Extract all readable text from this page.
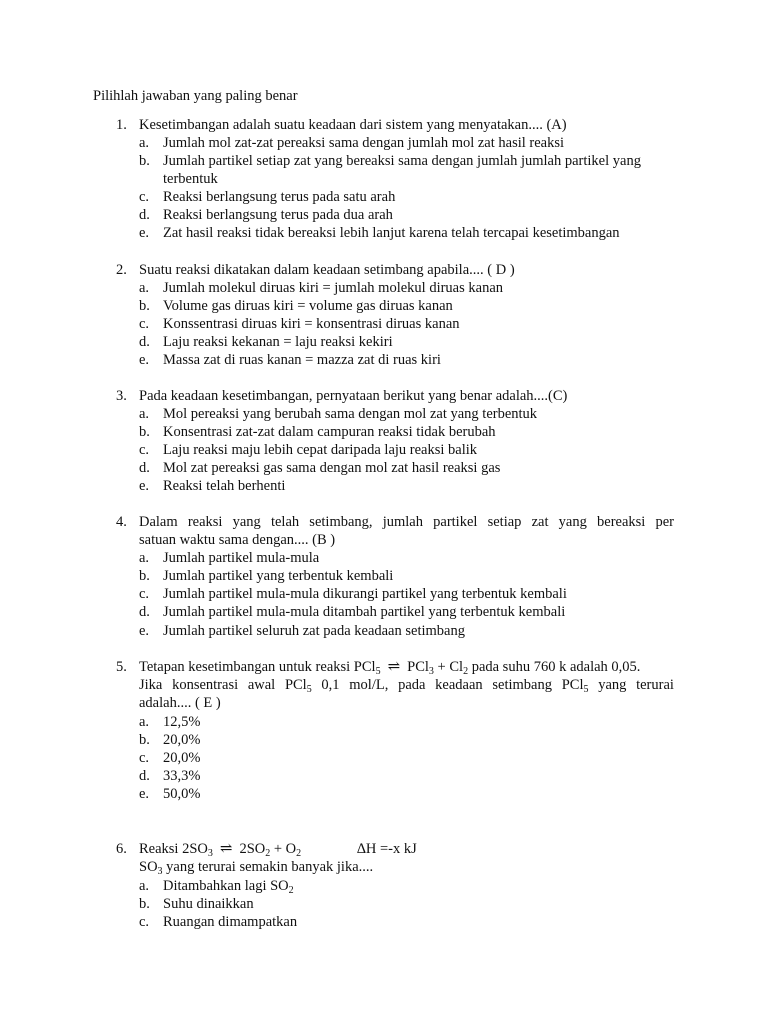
Pilihlah jawaban yang paling benar
1. Kesetimbangan adalah suatu keadaan dari sistem yang menyatakan.... (A)
a. Jumlah mol zat-zat pereaksi sama dengan jumlah mol zat hasil reaksi
b. Jumlah partikel setiap zat yang bereaksi sama dengan jumlah jumlah partikel yang
terbentuk
c. Reaksi berlangsung terus pada satu arah
d. Reaksi berlangsung terus pada dua arah
e. Zat hasil reaksi tidak bereaksi lebih lanjut karena telah tercapai kesetimbangan
2. Suatu reaksi dikatakan dalam keadaan setimbang apabila.... ( D )
a. Jumlah molekul diruas kiri = jumlah molekul diruas kanan
b. Volume gas diruas kiri = volume gas diruas kanan
c. Konssentrasi diruas kiri = konsentrasi diruas kanan
d. Laju reaksi kekanan = laju reaksi kekiri
e. Massa zat di ruas kanan = mazza zat di ruas kiri
3. Pada keadaan kesetimbangan, pernyataan berikut yang benar adalah....(C)
a. Mol pereaksi yang berubah sama dengan mol zat yang terbentuk
b. Konsentrasi zat-zat dalam campuran reaksi tidak berubah
c. Laju reaksi maju lebih cepat daripada laju reaksi balik
d. Mol zat pereaksi gas sama dengan mol zat hasil reaksi gas
e. Reaksi telah berhenti
4. Dalam reaksi yang telah setimbang, jumlah partikel setiap zat yang bereaksi per
satuan waktu sama dengan.... (B )
a. Jumlah partikel mula-mula
b. Jumlah partikel yang terbentuk kembali
c. Jumlah partikel mula-mula dikurangi partikel yang terbentuk kembali
d. Jumlah partikel mula-mula ditambah partikel yang terbentuk kembali
e. Jumlah partikel seluruh zat pada keadaan setimbang
5. Tetapan kesetimbangan untuk reaksi PCl$_5$ ⇌ $PCl_3 + Cl_2$ pada suhu 760 k adalah 0,05.
Jika konsentrasi awal PCl$_5$ 0,1 mol/L, pada keadaan setimbang PCl$_5$ yang terurai
adalah.... ( E )
a. 12,5%
b. 20,0%
c. 20,0%
d. 33,3%
e. 50,0%
6. Reaksi $2SO_3$ ⇌ $2SO_2 + O_2$	∆H =-x kJ
$SO_3$ yang terurai semakin banyak jika....
a. Ditambahkan lagi $SO_2$
b. Suhu dinaikkan
c. Ruangan dimampatkan
